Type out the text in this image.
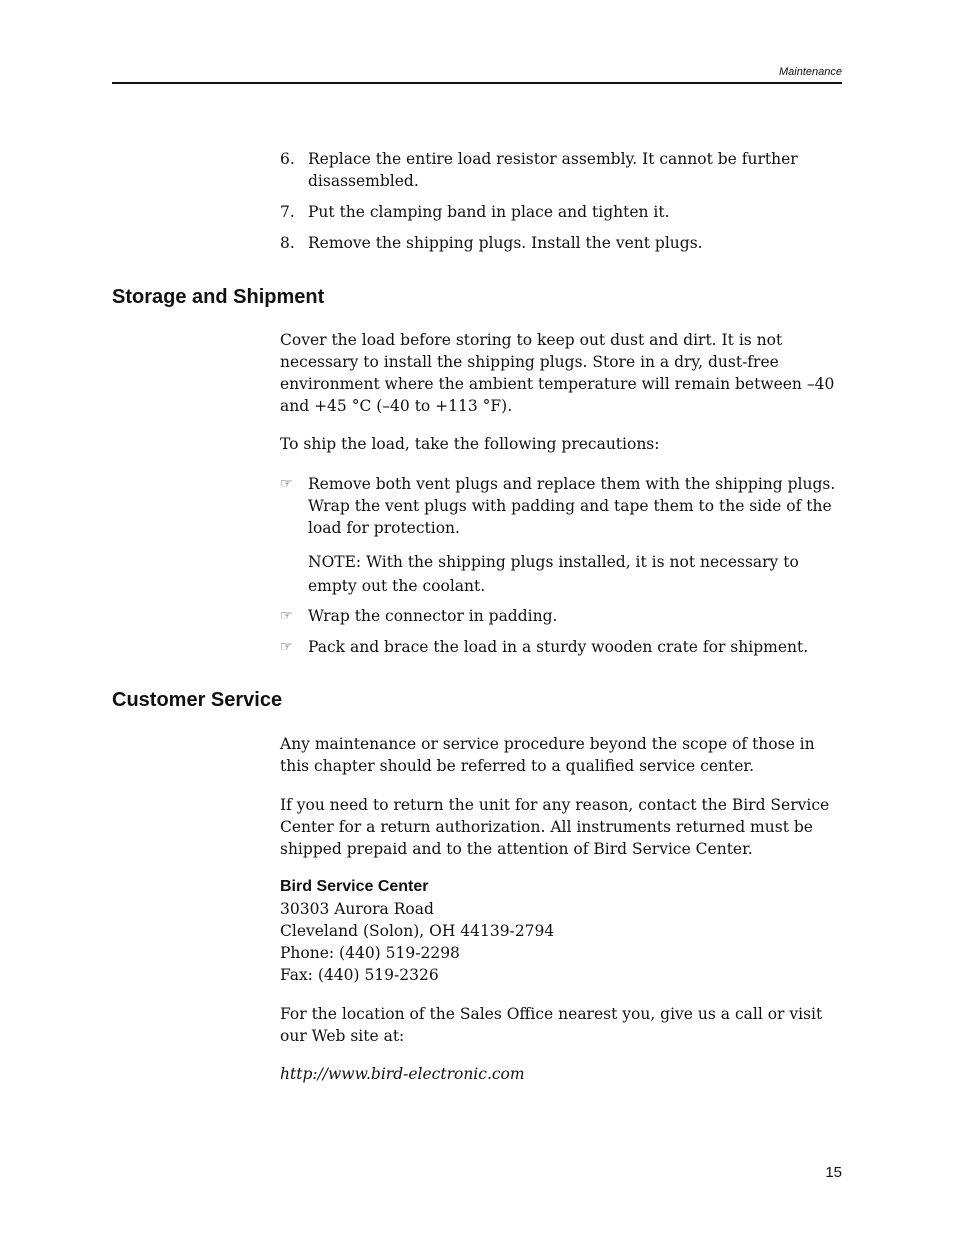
Maintenance
6. Replace the entire load resistor assembly. It cannot be further disassembled.
7. Put the clamping band in place and tighten it.
8. Remove the shipping plugs. Install the vent plugs.
Storage and Shipment

Cover the load before storing to keep out dust and dirt. It is not necessary to install the shipping plugs. Store in a dry, dust-free environment where the ambient temperature will remain between –40 and +45 °C (–40 to +113 °F).

To ship the load, take the following precautions:

☞ Remove both vent plugs and replace them with the shipping plugs. Wrap the vent plugs with padding and tape them to the side of the load for protection.

NOTE: With the shipping plugs installed, it is not necessary to empty out the coolant.

☞ Wrap the connector in padding.
☞ Pack and brace the load in a sturdy wooden crate for shipment.
Customer Service

Any maintenance or service procedure beyond the scope of those in this chapter should be referred to a qualified service center.

If you need to return the unit for any reason, contact the Bird Service Center for a return authorization. All instruments returned must be shipped prepaid and to the attention of Bird Service Center.

Bird Service Center
30303 Aurora Road
Cleveland (Solon), OH 44139-2794
Phone: (440) 519-2298
Fax: (440) 519-2326

For the location of the Sales Office nearest you, give us a call or visit our Web site at:

http://www.bird-electronic.com

15
